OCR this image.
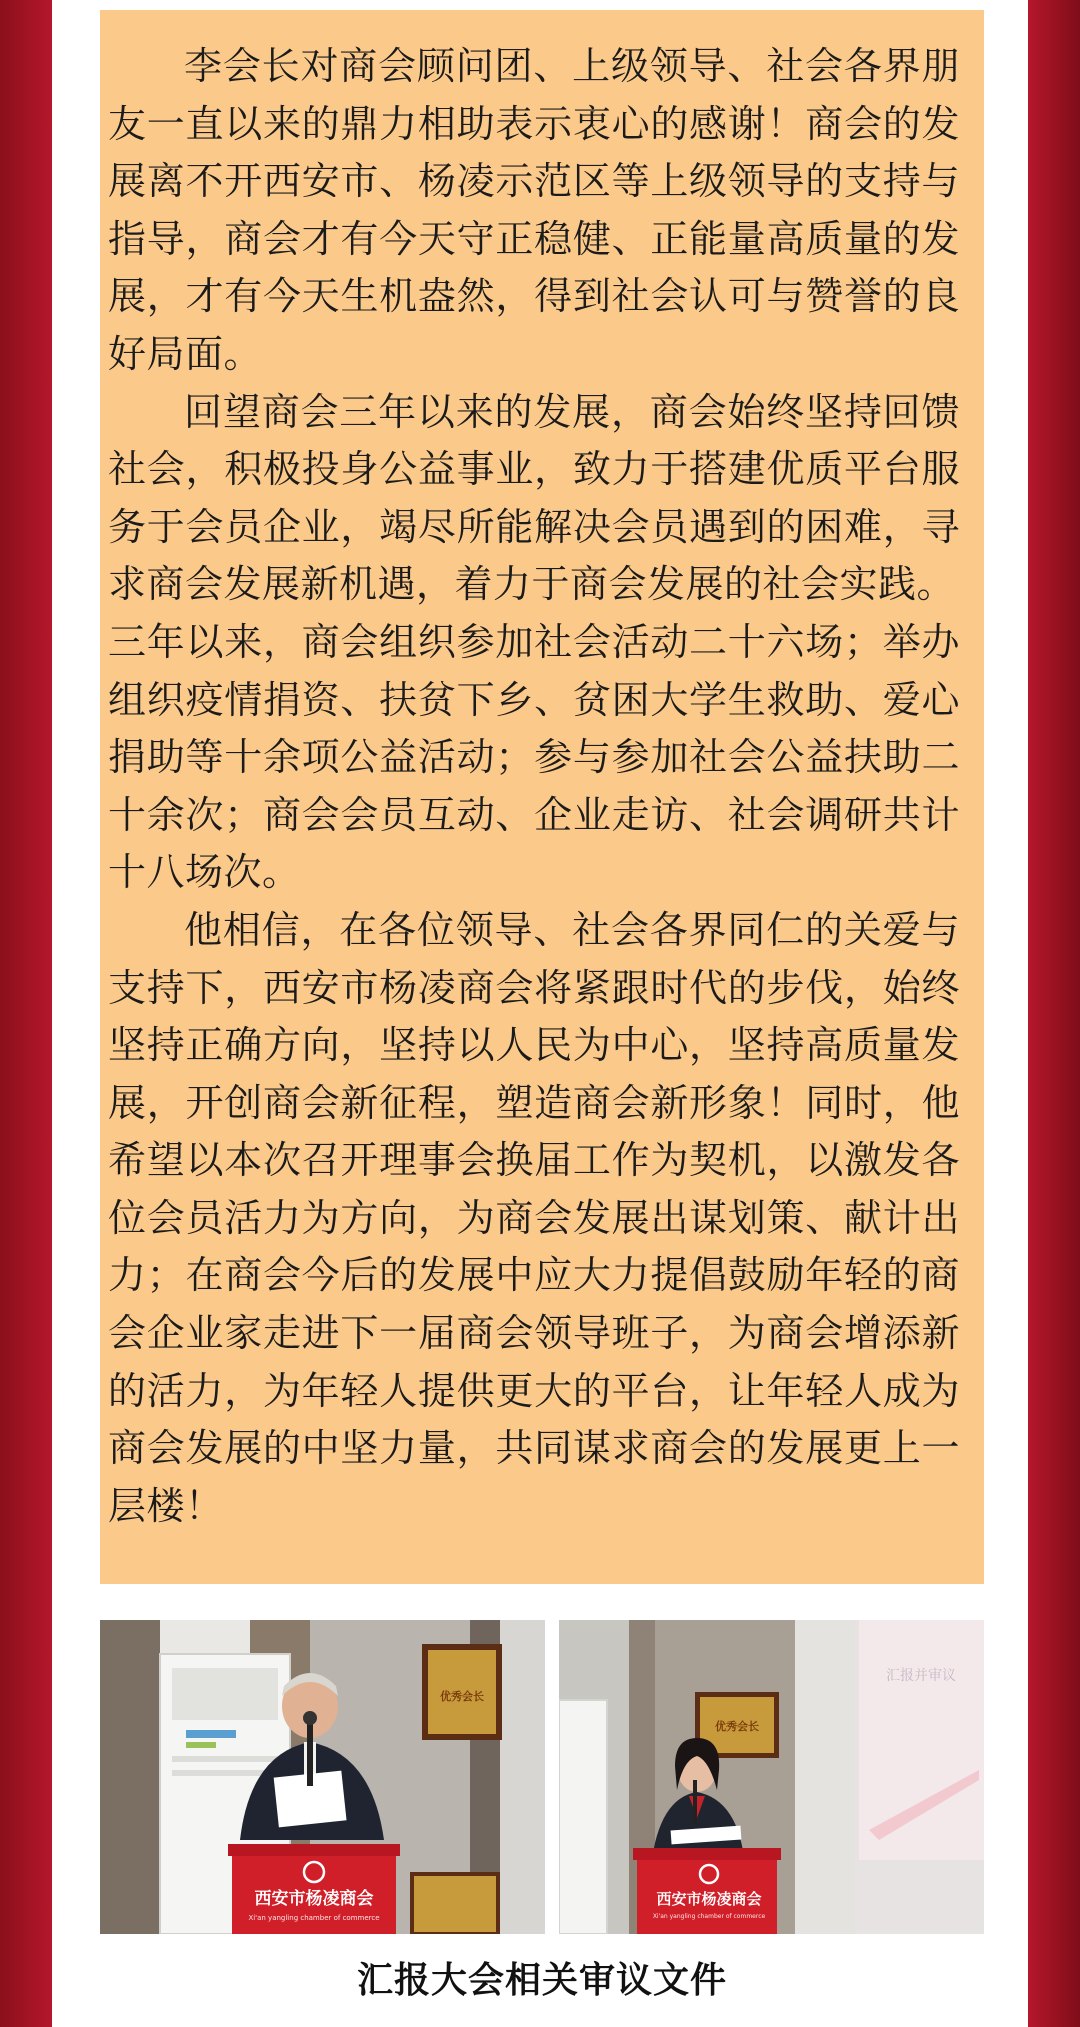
李会长对商会顾问团、上级领导、社会各界朋友一直以来的鼎力相助表示衷心的感谢！商会的发展离不开西安市、杨凌示范区等上级领导的支持与指导，商会才有今天守正稳健、正能量高质量的发展，才有今天生机盎然，得到社会认可与赞誉的良好局面。

回望商会三年以来的发展，商会始终坚持回馈社会，积极投身公益事业，致力于搭建优质平台服务于会员企业，竭尽所能解决会员遇到的困难，寻求商会发展新机遇，着力于商会发展的社会实践。

三年以来，商会组织参加社会活动二十六场；举办组织疫情捐资、扶贫下乡、贫困大学生救助、爱心捐助等十余项公益活动；参与参加社会公益扶助二十余次；商会会员互动、企业走访、社会调研共计十八场次。

他相信，在各位领导、社会各界同仁的关爱与支持下，西安市杨凌商会将紧跟时代的步伐，始终坚持正确方向，坚持以人民为中心，坚持高质量发展，开创商会新征程，塑造商会新形象！同时，他希望以本次召开理事会换届工作为契机，以激发各位会员活力为方向，为商会发展出谋划策、献计出力；在商会今后的发展中应大力提倡鼓励年轻的商会企业家走进下一届商会领导班子，为商会增添新的活力，为年轻人提供更大的平台，让年轻人成为商会发展的中坚力量，共同谋求商会的发展更上一层楼！

优秀会长
西安市杨凌商会
Xi'an yangling chamber of commerce
汇报并审议
优秀会长
西安市杨凌商会
Xi'an yangling chamber of commerce
汇报大会相关审议文件
